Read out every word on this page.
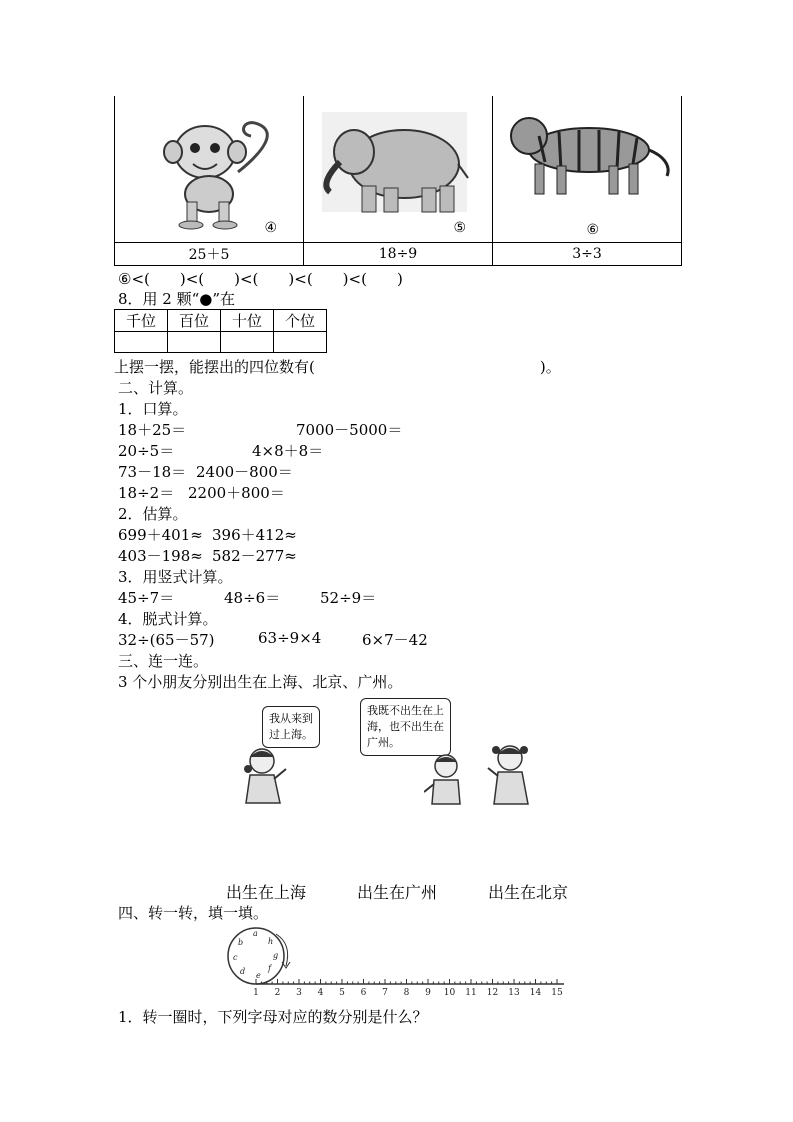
④	⑤	⑥

25＋5	18÷9	3÷3
⑥<(　　)<(　　)<(　　)<(　　)<(　　)
8．用 2 颗“●”在
千位	百位	十位	个位

上摆一摆，能摆出的四位数有(　　　　　　　　　　　　　　　)。
二、计算。
1．口算。
18＋25＝	7000－5000＝
20÷5＝	4×8＋8＝
73－18＝ 2400－800＝
18÷2＝ 2200＋800＝
2．估算。
699＋401≈ 396＋412≈
403－198≈ 582－277≈
3．用竖式计算。
45÷7＝	48÷6＝	52÷9＝
4．脱式计算。
32÷(65－57)	63÷9×4	6×7－42
三、连一连。
3 个小朋友分别出生在上海、北京、广州。
我从来到
过上海。
我既不出生在上
海，也不出生在
广州。
出生在上海	出生在广州	出生在北京
四、转一转，填一填。
a
h
g
f
e
d
c
b
1 2 3 4 5 6 7 8 9 10 11 12 13 14 15
1．转一圈时，下列字母对应的数分别是什么？
